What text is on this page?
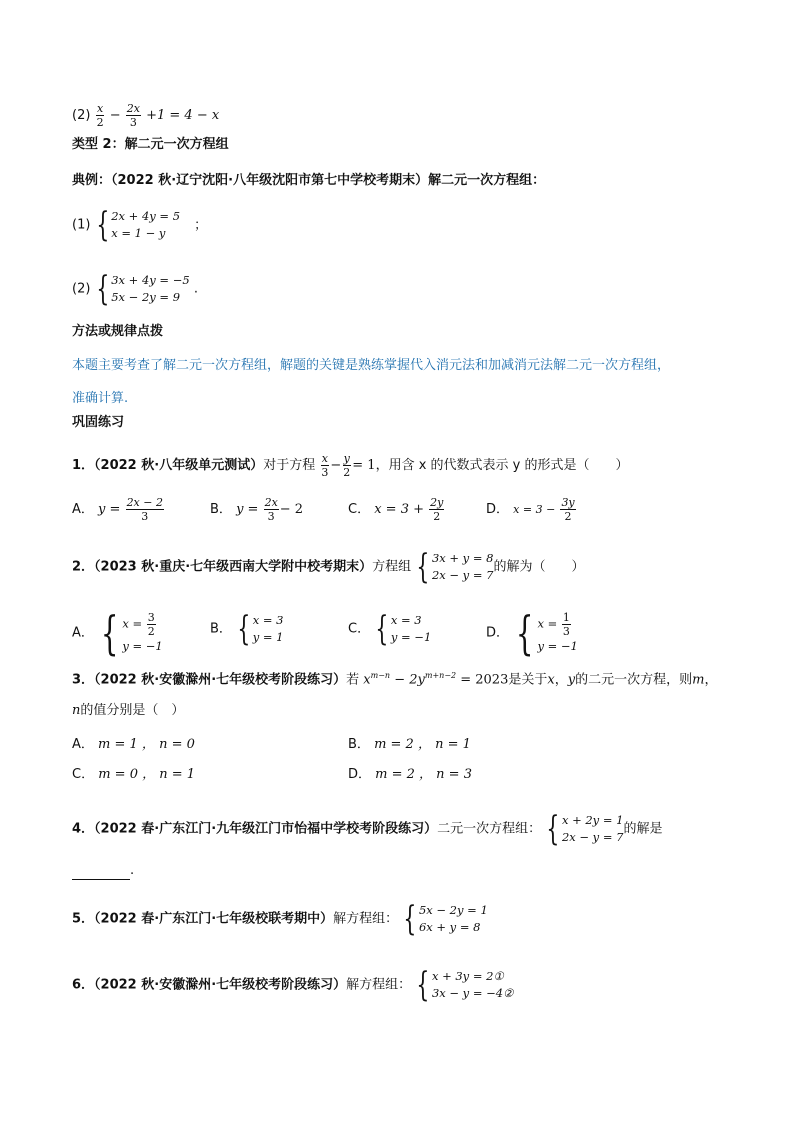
$(2) \frac{x}{2} - \frac{2x}{3} +1 = 4 - x$
类型 2：解二元一次方程组
典例：（2022 秋·辽宁沈阳·八年级沈阳市第七中学校考期末）解二元一次方程组：
(1) { 2x + 4y = 5
x = 1 − y
；
(2) { 3x + 4y = −5
5x − 2y = 9
.
方法或规律点拨
本题主要考查了解二元一次方程组，解题的关键是熟练掌握代入消元法和加减消元法解二元一次方程组，
准确计算.
巩固练习
1．（2022 秋·八年级单元测试）对于方程 $\frac{x}{3} - \frac{y}{2} = 1$，用含 x 的代数式表示 y 的形式是（　　）
A． $y = \frac{2x - 2}{3}$	B． $y = \frac{2x}{3} - 2$	C． $x = 3 + \frac{2y}{2}$	D． $x = 3 - \frac{3y}{2}$
2．（2023 秋·重庆·七年级西南大学附中校考期末）方程组 { 3x + y = 8
2x − y = 7
的解为（　　）
A． { $x = \frac{3}{2}$
y = −1
B． { x = 3
y = 1
C． { x = 3
y = −1	D． { $x = \frac{1}{3}$
y = −1
3．（2022 秋·安徽滁州·七年级校考阶段练习）若 $x^{m-n} - 2y^{m+n-2} = 2023$是关于x，y的二元一次方程，则m，
n的值分别是（　）
A． m = 1 ， n = 0	B． m = 2 ， n = 1
C． m = 0 ， n = 1	D． m = 2 ， n = 3
4．（2022 春·广东江门·九年级江门市怡福中学校考阶段练习）二元一次方程组： { x + 2y = 1
2x − y = 7
的解是
.
5．（2022 春·广东江门·七年级校联考期中）解方程组： { 5x − 2y = 1
6x + y = 8
6．（2022 秋·安徽滁州·七年级校考阶段练习）解方程组： { x + 3y = 2①
3x − y = −4②
